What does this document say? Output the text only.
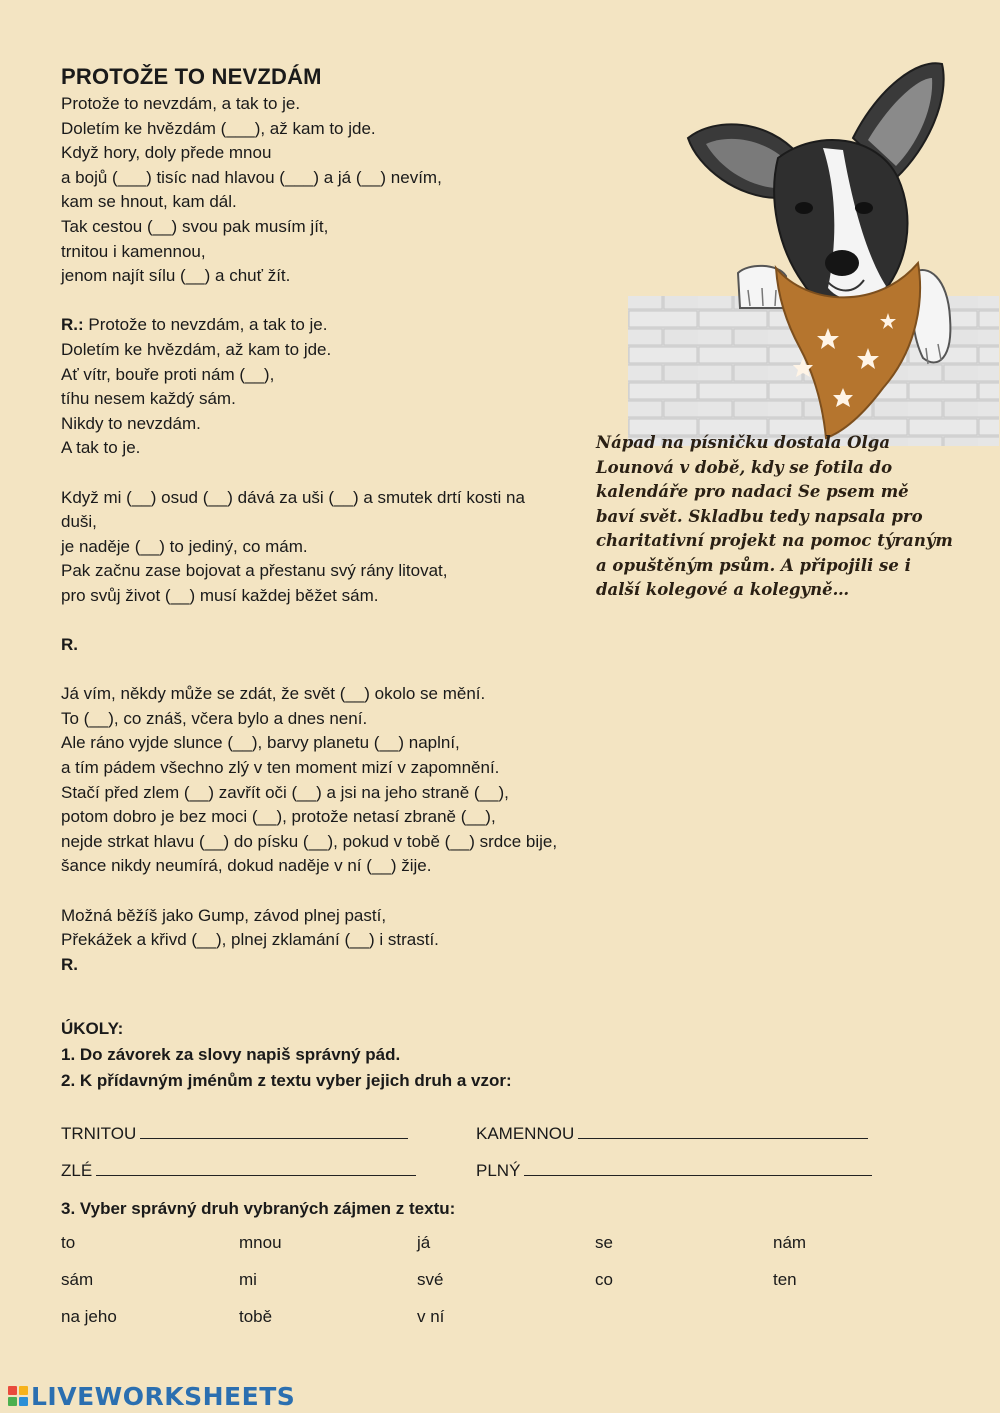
PROTOŽE TO NEVZDÁM
Protože to nevzdám, a tak to je.
Doletím ke hvězdám (___), až kam to jde.
Když hory, doly přede mnou
a bojů (___) tisíc nad hlavou (___) a já (__) nevím,
kam se hnout, kam dál.
Tak cestou (__) svou pak musím jít,
trnitou i kamennou,
jenom najít sílu (__) a chuť žít.
R.: Protože to nevzdám, a tak to je.
Doletím ke hvězdám, až kam to jde.
Ať vítr, bouře proti nám (__),
tíhu nesem každý sám.
Nikdy to nevzdám.
A tak to je.
Když mi (__) osud (__) dává za uši (__) a smutek drtí kosti na
duši,
je naděje (__) to jediný, co mám.
Pak začnu zase bojovat a přestanu svý rány litovat,
pro svůj život (__) musí každej běžet sám.
R.
Já vím, někdy může se zdát, že svět (__) okolo se mění.
To (__), co znáš, včera bylo a dnes není.
Ale ráno vyjde slunce (__), barvy planetu (__) naplní,
a tím pádem všechno zlý v ten moment mizí v zapomnění.
Stačí před zlem (__) zavřít oči (__) a jsi na jeho straně (__),
potom dobro je bez moci (__), protože netasí zbraně (__),
nejde strkat hlavu (__) do písku (__), pokud v tobě (__) srdce bije,
šance nikdy neumírá, dokud naděje v ní (__) žije.
Možná běžíš jako Gump, závod plnej pastí,
Překážek a křivd (__), plnej zklamání (__) i strastí.
R.
Nápad na písničku dostala Olga
Lounová v době, kdy se fotila do
kalendáře pro nadaci Se psem mě
baví svět. Skladbu tedy napsala pro
charitativní projekt na pomoc týraným
a opuštěným psům. A připojili se i
další kolegové a kolegyně…
ÚKOLY:
1. Do závorek za slovy napiš správný pád.
2. K přídavným jménům z textu vyber jejich druh a vzor:
TRNITOU	KAMENNOU
ZLÉ	PLNÝ
3. Vyber správný druh vybraných zájmen z textu:
to	mnou	já	se	nám
sám	mi	své	co	ten
na jeho	tobě	v ní
LIVEWORKSHEETS
